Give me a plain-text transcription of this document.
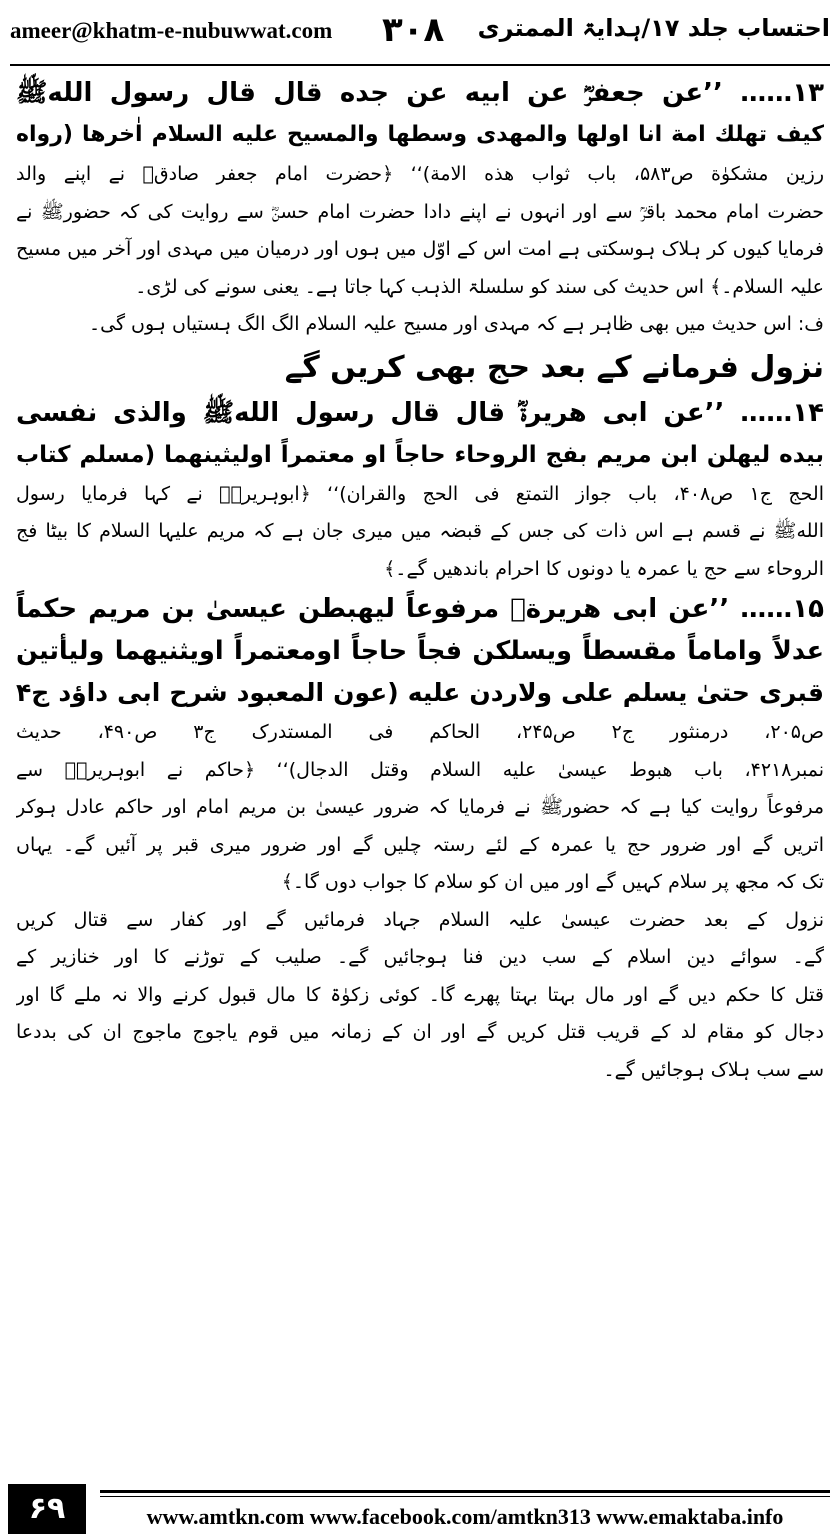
ameer@khatm-e-nubuwwat.com ۳۰۸ احتساب جلد ۱۷/ہدایۃ الممتری
۱۳…… ’’عن جعفرؓ عن ابیه عن جده قال قال رسول اللهﷺ
کیف تهلك امة انا اولها والمهدی وسطها والمسیح علیه السلام اٰخرها (رواه
رزین مشکوٰة ص۵۸۳، باب ثواب هذه الامة)‘‘ ﴿حضرت امام جعفر صادقؒ نے اپنے والد
حضرت امام محمد باقرؒ سے اور انہوں نے اپنے دادا حضرت امام حسنؓ سے روایت کی کہ حضورﷺ نے
فرمایا کیوں کر ہلاک ہوسکتی ہے امت اس کے اوّل میں ہوں اور درمیان میں مہدی اور آخر میں مسیح
علیہ السلام۔﴾ اس حدیث کی سند کو سلسلۃ الذہب کہا جاتا ہے۔ یعنی سونے کی لڑی۔
ف: اس حدیث میں بھی ظاہر ہے کہ مہدی اور مسیح علیہ السلام الگ الگ ہستیاں ہوں گی۔
نزول فرمانے کے بعد حج بھی کریں گے
۱۴…… ’’عن ابی هریرةؓ قال قال رسول اللهﷺ والذی نفسی
بیده لیهلن ابن مریم بفج الروحاء حاجاً او معتمراً اولیثینهما (مسلم کتاب
الحج ج۱ ص۴۰۸، باب جواز التمتع فی الحج والقران)‘‘ ﴿ابوہریرہؓ نے کہا فرمایا رسول
اللهﷺ نے قسم ہے اس ذات کی جس کے قبضہ میں میری جان ہے کہ مریم علیہا السلام کا بیٹا فج
الروحاء سے حج یا عمرہ یا دونوں کا احرام باندھیں گے۔﴾
۱۵…… ’’عن ابی هریرةؓ مرفوعاً لیهبطن عیسیٰ بن مریم حکماً
عدلاً واماماً مقسطاً ویسلکن فجاً حاجاً اومعتمراً اویثنیهما ولیأتین
قبری حتیٰ یسلم علی ولاردن علیه (عون المعبود شرح ابی داؤد ج۴
ص۲۰۵، درمنثور ج۲ ص۲۴۵، الحاکم فی المستدرک ج۳ ص۴۹۰، حدیث
نمبر۴۲۱۸، باب هبوط عیسیٰ علیه السلام وقتل الدجال)‘‘ ﴿حاکم نے ابوہریرہؓ سے
مرفوعاً روایت کیا ہے کہ حضورﷺ نے فرمایا کہ ضرور عیسیٰ بن مریم امام اور حاکم عادل ہوکر
اتریں گے اور ضرور حج یا عمرہ کے لئے رستہ چلیں گے اور ضرور میری قبر پر آئیں گے۔ یہاں
تک کہ مجھ پر سلام کہیں گے اور میں ان کو سلام کا جواب دوں گا۔﴾
نزول کے بعد حضرت عیسیٰ علیہ السلام جہاد فرمائیں گے اور کفار سے قتال کریں
گے۔ سوائے دین اسلام کے سب دین فنا ہوجائیں گے۔ صلیب کے توڑنے کا اور خنازیر کے
قتل کا حکم دیں گے اور مال بہتا بہتا پھرے گا۔ کوئی زکوٰۃ کا مال قبول کرنے والا نہ ملے گا اور
دجال کو مقام لد کے قریب قتل کریں گے اور ان کے زمانہ میں قوم یاجوج ماجوج ان کی بددعا
سے سب ہلاک ہوجائیں گے۔
۶۹	www.amtkn.com www.facebook.com/amtkn313 www.emaktaba.info
